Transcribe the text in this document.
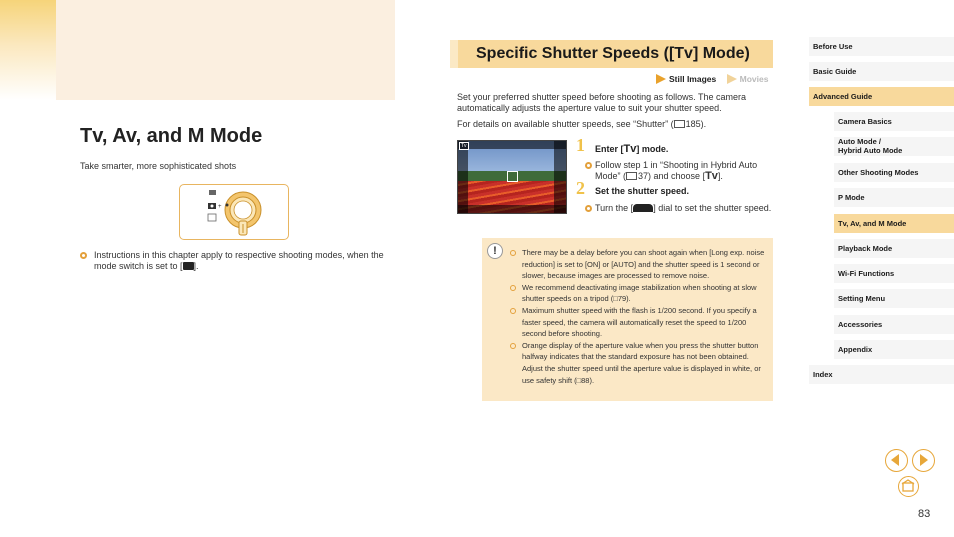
Tv, Av, and M Mode
Take smarter, more sophisticated shots
+
Instructions in this chapter apply to respective shooting modes, when the mode switch is set to [ ].
Specific Shutter Speeds ([Tv] Mode)
Still Images	Movies
Set your preferred shutter speed before shooting as follows. The camera automatically adjusts the aperture value to suit your shutter speed.
For details on available shutter speeds, see “Shutter” ( 185).
Tv	1 Enter [Tv] mode.
Follow step 1 in “Shooting in Hybrid Auto Mode” ( 37) and choose [Tv].
2 Set the shutter speed.
Turn the [ ] dial to set the shutter speed.
!	There may be a delay before you can shoot again when [Long exp. noise reduction] is set to [ON] or [AUTO] and the shutter speed is 1 second or slower, because images are processed to remove noise.
We recommend deactivating image stabilization when shooting at slow shutter speeds on a tripod (□79).
Maximum shutter speed with the flash is 1/200 second. If you specify a faster speed, the camera will automatically reset the speed to 1/200 second before shooting.
Orange display of the aperture value when you press the shutter button halfway indicates that the standard exposure has not been obtained. Adjust the shutter speed until the aperture value is displayed in white, or use safety shift (□88).
Before Use
Basic Guide
Advanced Guide
Camera Basics
Auto Mode /
Hybrid Auto Mode
Other Shooting Modes
P Mode
Tv, Av, and M Mode
Playback Mode
Wi-Fi Functions
Setting Menu
Accessories
Appendix
Index
83
